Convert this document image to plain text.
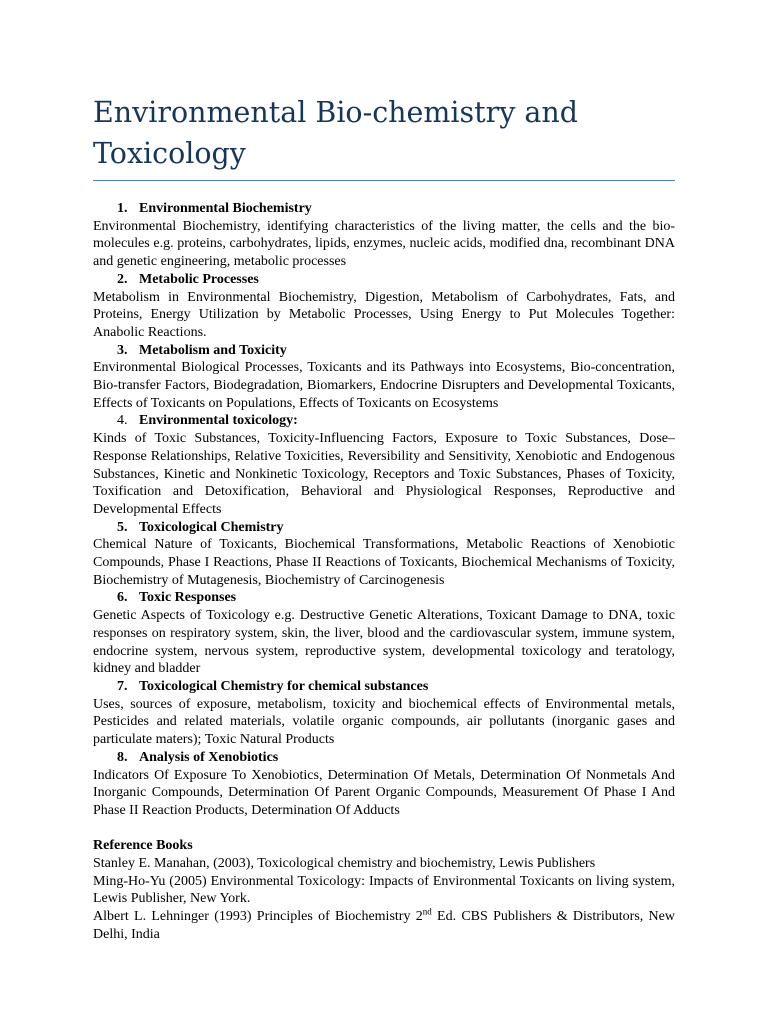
Environmental Bio-chemistry and Toxicology

1. Environmental Biochemistry

Environmental Biochemistry, identifying characteristics of the living matter, the cells and the bio-molecules e.g. proteins, carbohydrates, lipids, enzymes, nucleic acids, modified dna, recombinant DNA and genetic engineering, metabolic processes

2. Metabolic Processes

Metabolism in Environmental Biochemistry, Digestion, Metabolism of Carbohydrates, Fats, and Proteins, Energy Utilization by Metabolic Processes, Using Energy to Put Molecules Together: Anabolic Reactions.

3. Metabolism and Toxicity

Environmental Biological Processes, Toxicants and its Pathways into Ecosystems, Bio-concentration, Bio-transfer Factors, Biodegradation, Biomarkers, Endocrine Disrupters and Developmental Toxicants, Effects of Toxicants on Populations, Effects of Toxicants on Ecosystems

4. Environmental toxicology:

Kinds of Toxic Substances, Toxicity-Influencing Factors, Exposure to Toxic Substances, Dose–Response Relationships, Relative Toxicities, Reversibility and Sensitivity, Xenobiotic and Endogenous Substances, Kinetic and Nonkinetic Toxicology, Receptors and Toxic Substances, Phases of Toxicity, Toxification and Detoxification, Behavioral and Physiological Responses, Reproductive and Developmental Effects

5. Toxicological Chemistry

Chemical Nature of Toxicants, Biochemical Transformations, Metabolic Reactions of Xenobiotic Compounds, Phase I Reactions, Phase II Reactions of Toxicants, Biochemical Mechanisms of Toxicity, Biochemistry of Mutagenesis, Biochemistry of Carcinogenesis

6. Toxic Responses

Genetic Aspects of Toxicology e.g. Destructive Genetic Alterations, Toxicant Damage to DNA, toxic responses on respiratory system, skin, the liver, blood and the cardiovascular system, immune system, endocrine system, nervous system, reproductive system, developmental toxicology and teratology, kidney and bladder

7. Toxicological Chemistry for chemical substances

Uses, sources of exposure, metabolism, toxicity and biochemical effects of Environmental metals, Pesticides and related materials, volatile organic compounds, air pollutants (inorganic gases and particulate maters); Toxic Natural Products

8. Analysis of Xenobiotics

Indicators Of Exposure To Xenobiotics, Determination Of Metals, Determination Of Nonmetals And Inorganic Compounds, Determination Of Parent Organic Compounds, Measurement Of Phase I And Phase II Reaction Products, Determination Of Adducts

Reference Books

Stanley E. Manahan, (2003), Toxicological chemistry and biochemistry, Lewis Publishers

Ming-Ho-Yu (2005) Environmental Toxicology: Impacts of Environmental Toxicants on living system, Lewis Publisher, New York.

Albert L. Lehninger (1993) Principles of Biochemistry 2nd Ed. CBS Publishers & Distributors, New Delhi, India
